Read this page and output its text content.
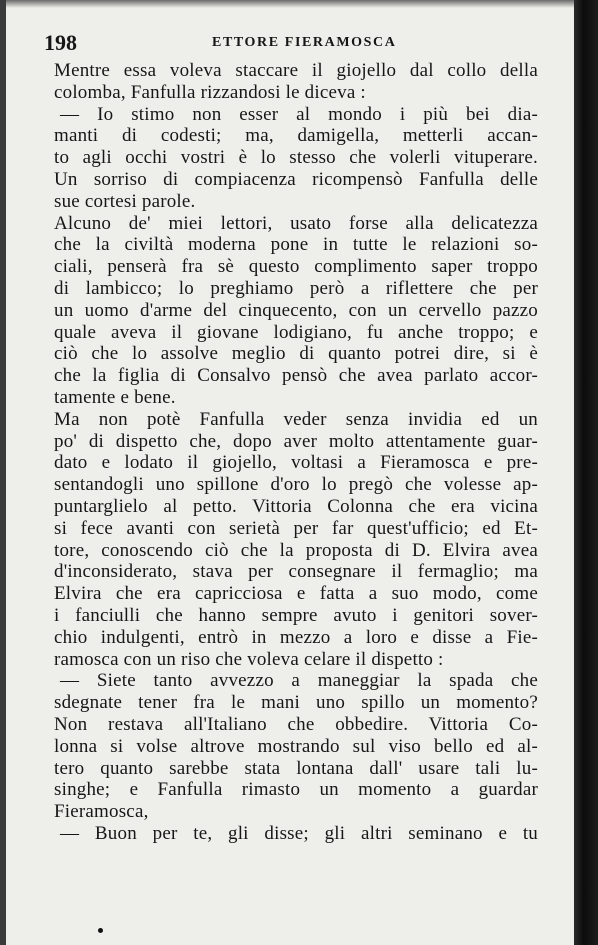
198	ETTORE FIERAMOSCA
Mentre essa voleva staccare il giojello dal collo della
colomba, Fanfulla rizzandosi le diceva :
— Io stimo non esser al mondo i più bei dia-
manti di codesti; ma, damigella, metterli accan-
to agli occhi vostri è lo stesso che volerli vituperare.
Un sorriso di compiacenza ricompensò Fanfulla delle
sue cortesi parole.
Alcuno de' miei lettori, usato forse alla delicatezza
che la civiltà moderna pone in tutte le relazioni so-
ciali, penserà fra sè questo complimento saper troppo
di lambicco; lo preghiamo però a riflettere che per
un uomo d'arme del cinquecento, con un cervello pazzo
quale aveva il giovane lodigiano, fu anche troppo; e
ciò che lo assolve meglio di quanto potrei dire, si è
che la figlia di Consalvo pensò che avea parlato accor-
tamente e bene.
Ma non potè Fanfulla veder senza invidia ed un
po' di dispetto che, dopo aver molto attentamente guar-
dato e lodato il giojello, voltasi a Fieramosca e pre-
sentandogli uno spillone d'oro lo pregò che volesse ap-
puntarglielo al petto. Vittoria Colonna che era vicina
si fece avanti con serietà per far quest'ufficio; ed Et-
tore, conoscendo ciò che la proposta di D. Elvira avea
d'inconsiderato, stava per consegnare il fermaglio; ma
Elvira che era capricciosa e fatta a suo modo, come
i fanciulli che hanno sempre avuto i genitori sover-
chio indulgenti, entrò in mezzo a loro e disse a Fie-
ramosca con un riso che voleva celare il dispetto :
— Siete tanto avvezzo a maneggiar la spada che
sdegnate tener fra le mani uno spillo un momento?
Non restava all'Italiano che obbedire. Vittoria Co-
lonna si volse altrove mostrando sul viso bello ed al-
tero quanto sarebbe stata lontana dall' usare tali lu-
singhe; e Fanfulla rimasto un momento a guardar
Fieramosca,
— Buon per te, gli disse; gli altri seminano e tu
